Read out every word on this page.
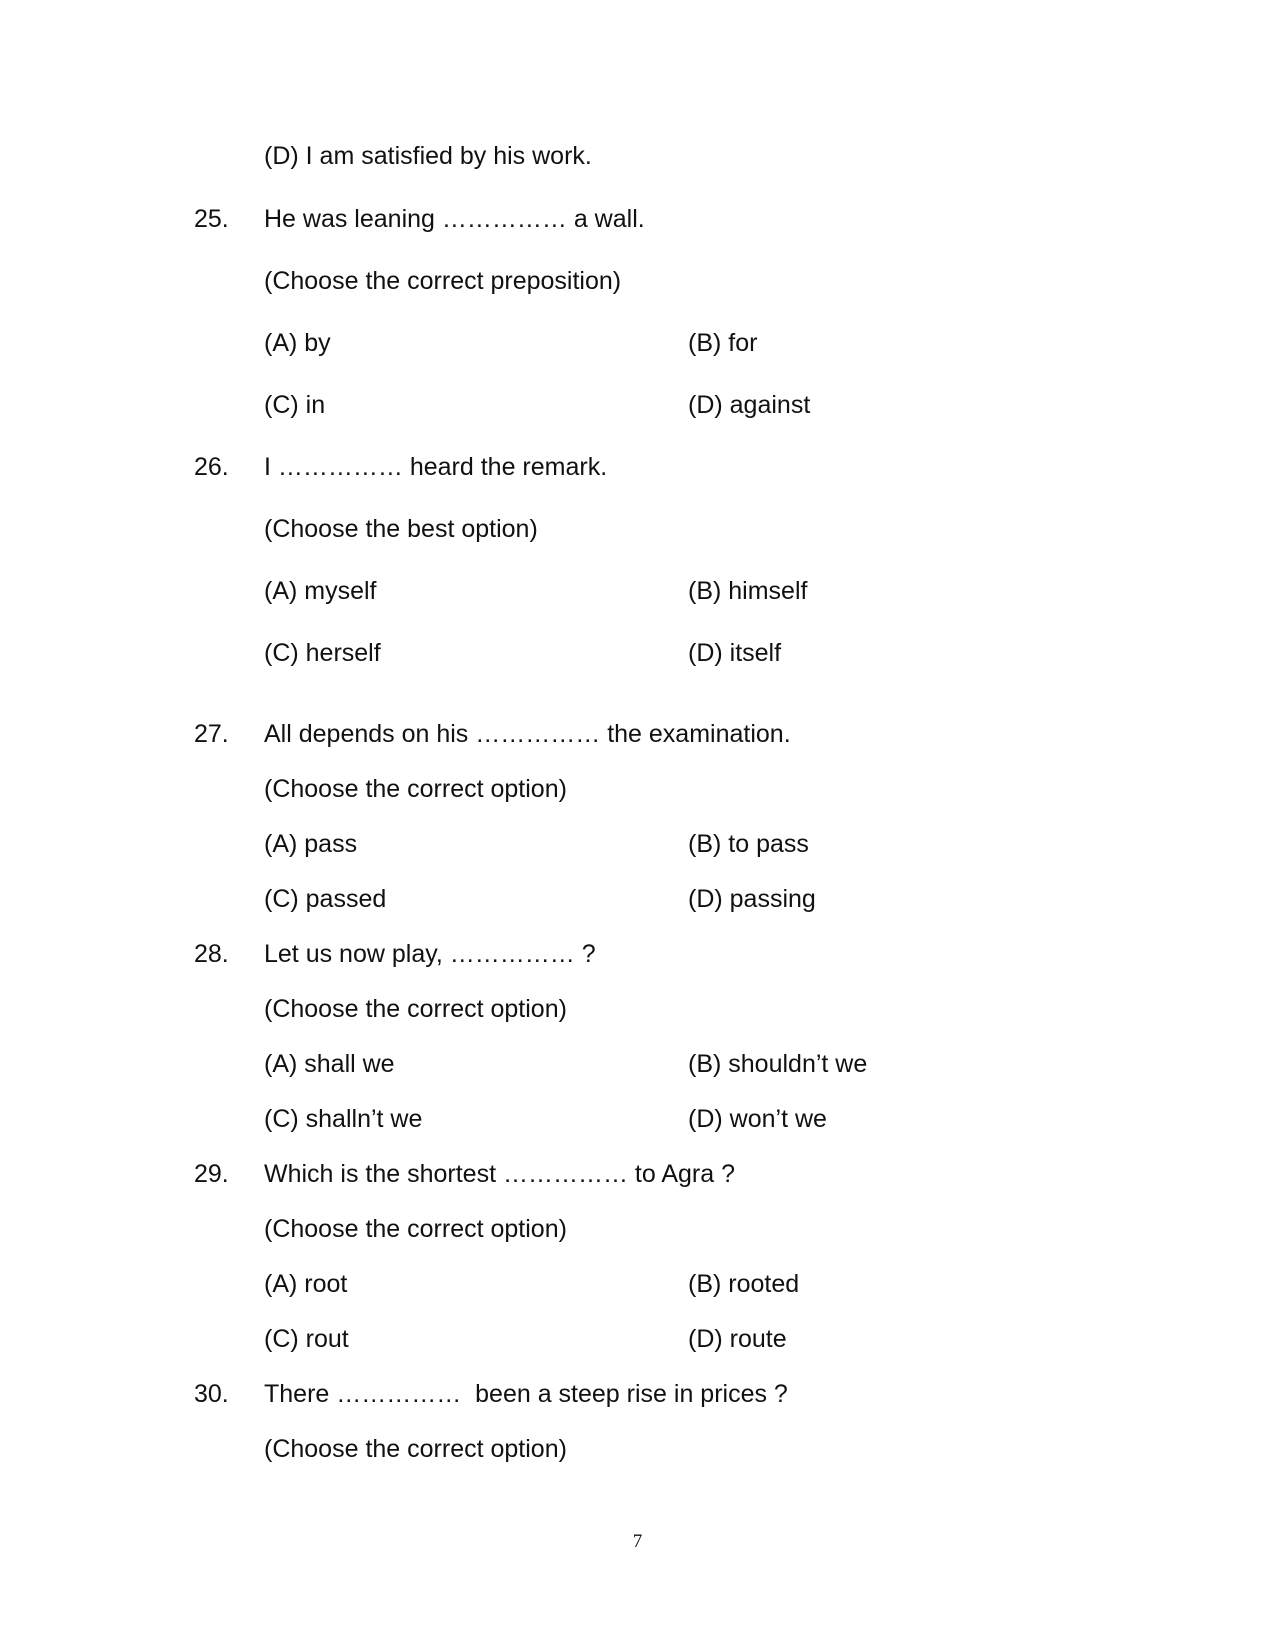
(D) I am satisfied by his work.
25. He was leaning …………… a wall.
(Choose the correct preposition)
(A) by	(B) for
(C) in	(D) against
26. I …………… heard the remark.
(Choose the best option)
(A) myself	(B) himself
(C) herself	(D) itself
27. All depends on his …………… the examination.
(Choose the correct option)
(A) pass	(B) to pass
(C) passed	(D) passing
28. Let us now play, …………… ?
(Choose the correct option)
(A) shall we	(B) shouldn’t we
(C) shalln’t we	(D) won’t we
29. Which is the shortest …………… to Agra ?
(Choose the correct option)
(A) root	(B) rooted
(C) rout	(D) route
30. There ……………  been a steep rise in prices ?
(Choose the correct option)
7
